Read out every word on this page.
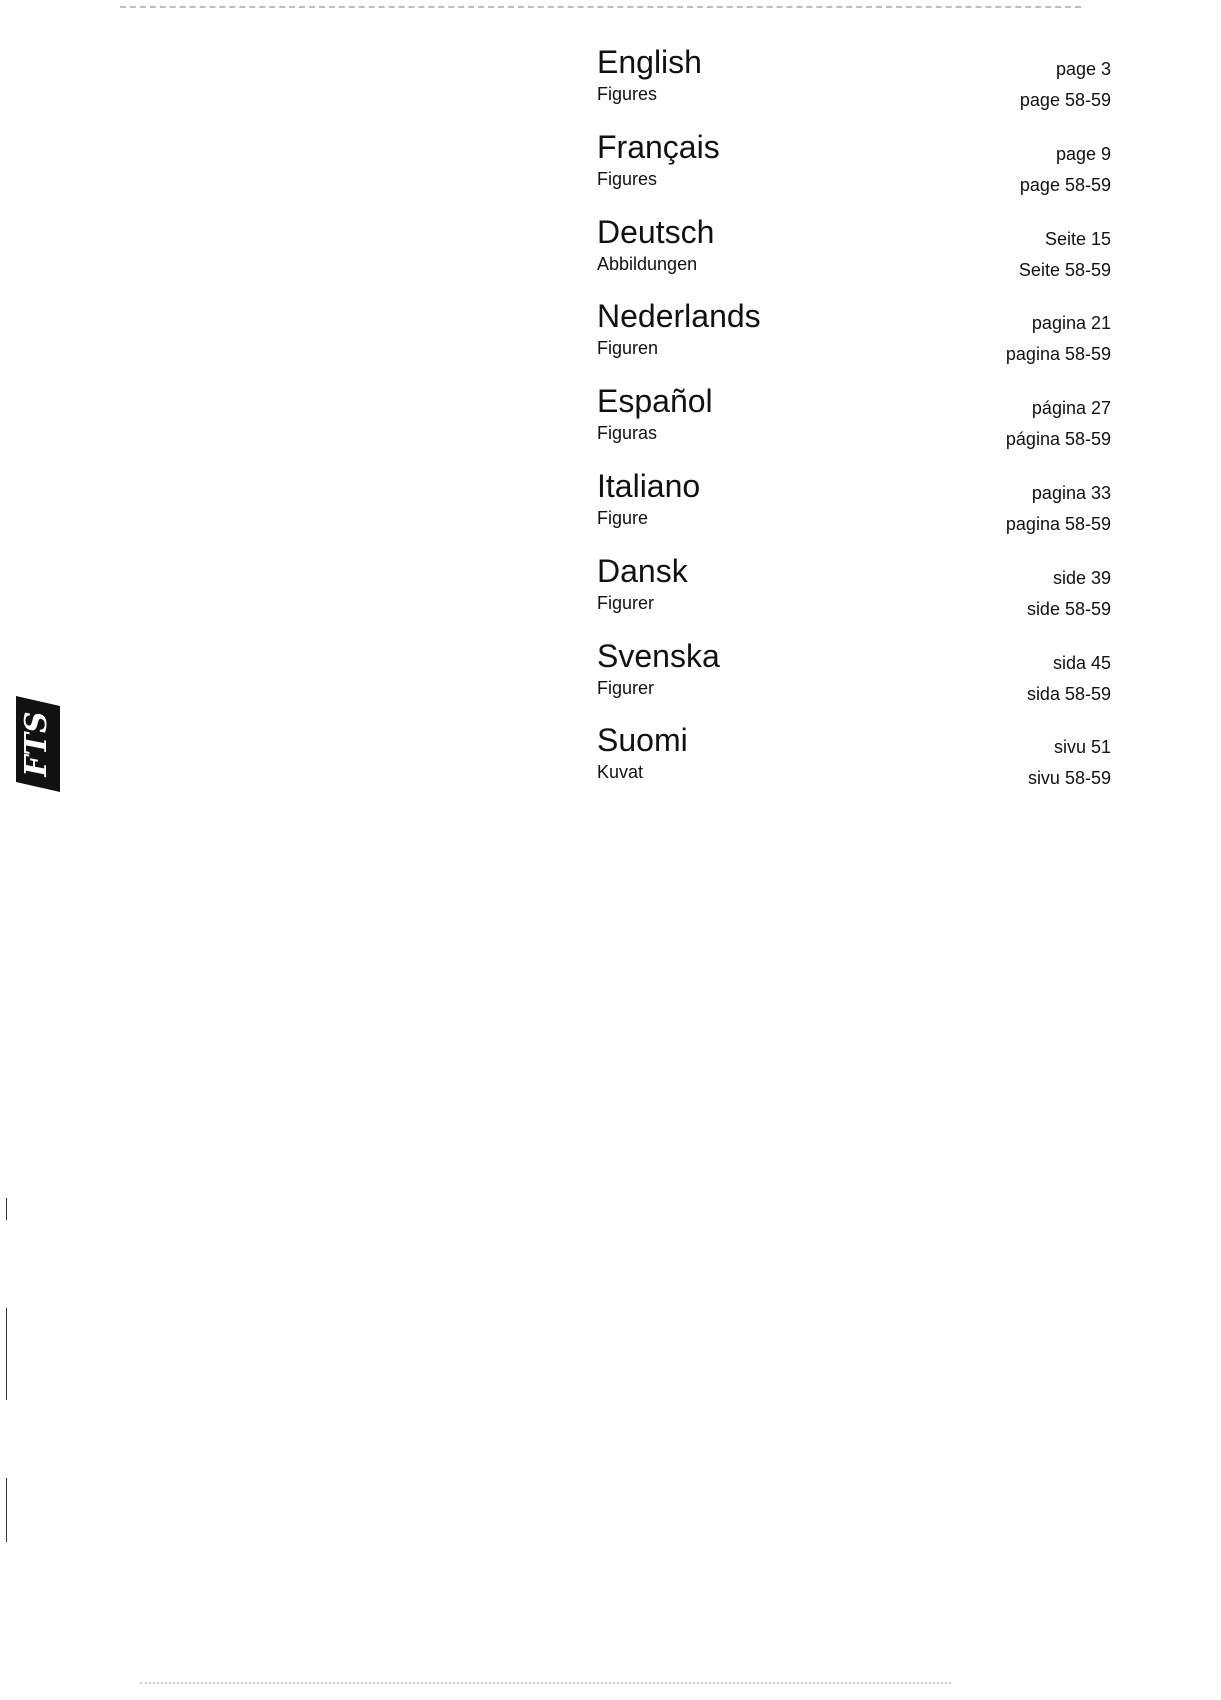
FTS
English
Figures
page 3
page 58-59
Français
Figures
page 9
page 58-59
Deutsch
Abbildungen
Seite 15
Seite 58-59
Nederlands
Figuren
pagina 21
pagina 58-59
Español
Figuras
página 27
página 58-59
Italiano
Figure
pagina 33
pagina 58-59
Dansk
Figurer
side 39
side 58-59
Svenska
Figurer
sida 45
sida 58-59
Suomi
Kuvat
sivu 51
sivu 58-59
